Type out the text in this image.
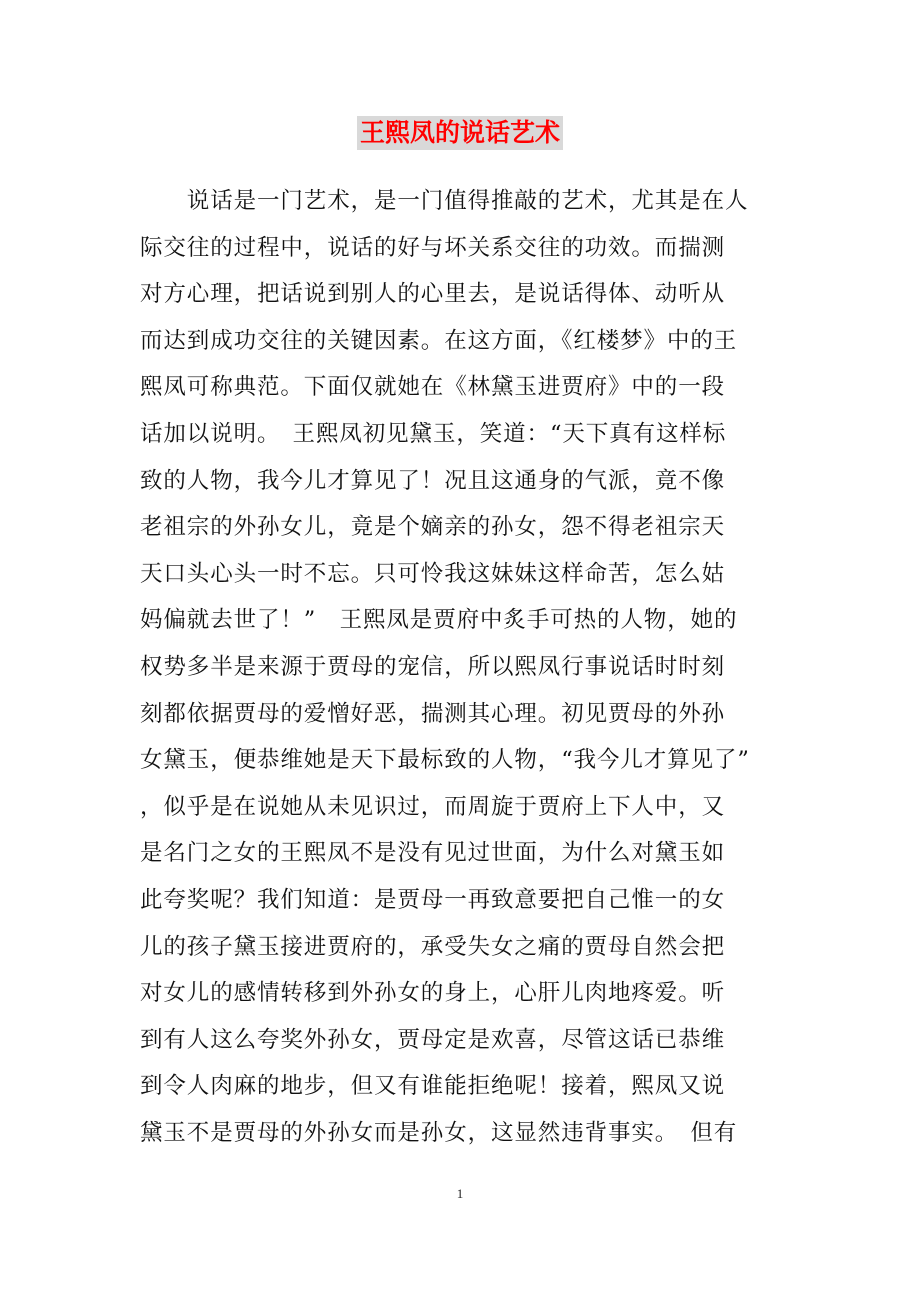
王熙凤的说话艺术
　　说话是一门艺术，是一门值得推敲的艺术，尤其是在人
际交往的过程中，说话的好与坏关系交往的功效。而揣测
对方心理，把话说到别人的心里去，是说话得体、动听从
而达到成功交往的关键因素。在这方面，《红楼梦》中的王
熙凤可称典范。下面仅就她在《林黛玉进贾府》中的一段
话加以说明。　王熙凤初见黛玉，笑道：“天下真有这样标
致的人物，我今儿才算见了！况且这通身的气派，竟不像
老祖宗的外孙女儿，竟是个嫡亲的孙女，怨不得老祖宗天
天口头心头一时不忘。只可怜我这妹妹这样命苦，怎么姑
妈偏就去世了！”　王熙凤是贾府中炙手可热的人物，她的
权势多半是来源于贾母的宠信，所以熙凤行事说话时时刻
刻都依据贾母的爱憎好恶，揣测其心理。初见贾母的外孙
女黛玉，便恭维她是天下最标致的人物，“我今儿才算见了”
，似乎是在说她从未见识过，而周旋于贾府上下人中，又
是名门之女的王熙凤不是没有见过世面，为什么对黛玉如
此夸奖呢？我们知道：是贾母一再致意要把自己惟一的女
儿的孩子黛玉接进贾府的，承受失女之痛的贾母自然会把
对女儿的感情转移到外孙女的身上，心肝儿肉地疼爱。听
到有人这么夸奖外孙女，贾母定是欢喜，尽管这话已恭维
到令人肉麻的地步，但又有谁能拒绝呢！接着，熙凤又说
黛玉不是贾母的外孙女而是孙女，这显然违背事实。　但有
1
